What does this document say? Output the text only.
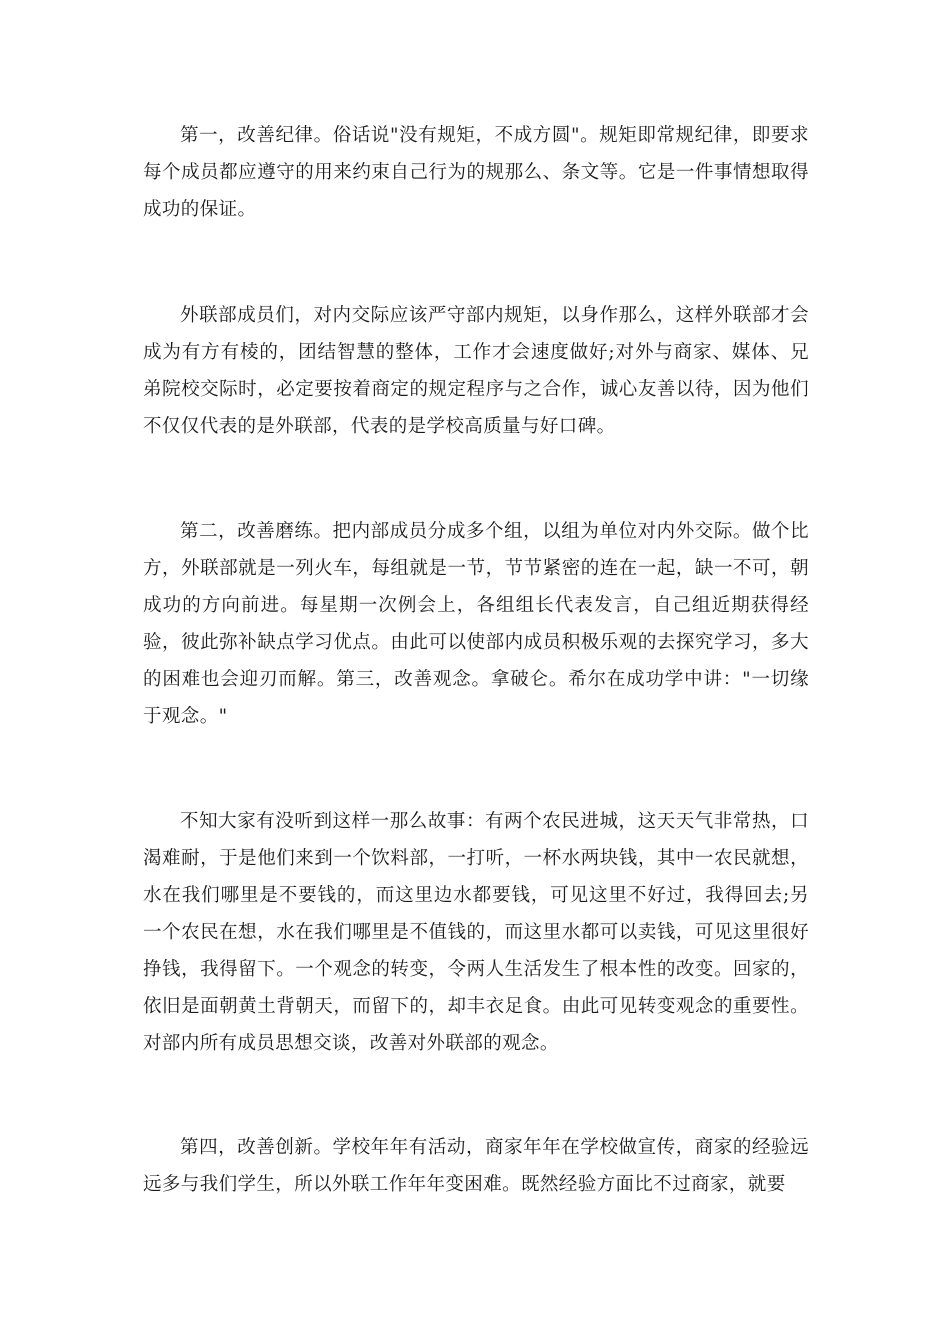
第一，改善纪律。俗话说"没有规矩，不成方圆"。规矩即常规纪律，即要求每个成员都应遵守的用来约束自己行为的规那么、条文等。它是一件事情想取得成功的保证。

外联部成员们，对内交际应该严守部内规矩，以身作那么，这样外联部才会成为有方有棱的，团结智慧的整体，工作才会速度做好;对外与商家、媒体、兄弟院校交际时，必定要按着商定的规定程序与之合作，诚心友善以待，因为他们不仅仅代表的是外联部，代表的是学校高质量与好口碑。

第二，改善磨练。把内部成员分成多个组，以组为单位对内外交际。做个比方，外联部就是一列火车，每组就是一节，节节紧密的连在一起，缺一不可，朝成功的方向前进。每星期一次例会上，各组组长代表发言，自己组近期获得经验，彼此弥补缺点学习优点。由此可以使部内成员积极乐观的去探究学习，多大的困难也会迎刃而解。第三，改善观念。拿破仑。希尔在成功学中讲："一切缘于观念。"

不知大家有没听到这样一那么故事：有两个农民进城，这天天气非常热，口渴难耐，于是他们来到一个饮料部，一打听，一杯水两块钱，其中一农民就想，水在我们哪里是不要钱的，而这里边水都要钱，可见这里不好过，我得回去;另一个农民在想，水在我们哪里是不值钱的，而这里水都可以卖钱，可见这里很好挣钱，我得留下。一个观念的转变，令两人生活发生了根本性的改变。回家的，依旧是面朝黄土背朝天，而留下的，却丰衣足食。由此可见转变观念的重要性。对部内所有成员思想交谈，改善对外联部的观念。

第四，改善创新。学校年年有活动，商家年年在学校做宣传，商家的经验远远多与我们学生，所以外联工作年年变困难。既然经验方面比不过商家，就要
